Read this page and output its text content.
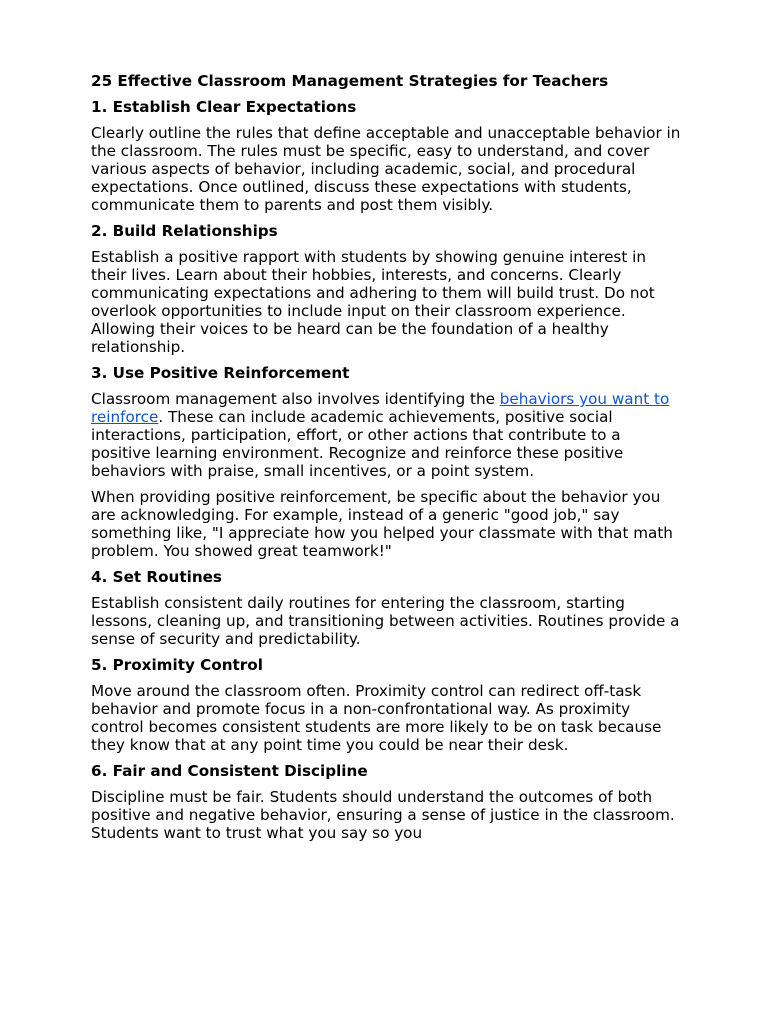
25 Effective Classroom Management Strategies for Teachers
1. Establish Clear Expectations

Clearly outline the rules that define acceptable and unacceptable behavior in the classroom. The rules must be specific, easy to understand, and cover various aspects of behavior, including academic, social, and procedural expectations. Once outlined, discuss these expectations with students, communicate them to parents and post them visibly.

2. Build Relationships

Establish a positive rapport with students by showing genuine interest in their lives. Learn about their hobbies, interests, and concerns. Clearly communicating expectations and adhering to them will build trust. Do not overlook opportunities to include input on their classroom experience. Allowing their voices to be heard can be the foundation of a healthy relationship.

3. Use Positive Reinforcement

Classroom management also involves identifying the behaviors you want to reinforce. These can include academic achievements, positive social interactions, participation, effort, or other actions that contribute to a positive learning environment. Recognize and reinforce these positive behaviors with praise, small incentives, or a point system.

When providing positive reinforcement, be specific about the behavior you are acknowledging. For example, instead of a generic "good job," say something like, "I appreciate how you helped your classmate with that math problem. You showed great teamwork!"

4. Set Routines

Establish consistent daily routines for entering the classroom, starting lessons, cleaning up, and transitioning between activities. Routines provide a sense of security and predictability.

5. Proximity Control

Move around the classroom often. Proximity control can redirect off-task behavior and promote focus in a non-confrontational way. As proximity control becomes consistent students are more likely to be on task because they know that at any point time you could be near their desk.

6. Fair and Consistent Discipline

Discipline must be fair. Students should understand the outcomes of both positive and negative behavior, ensuring a sense of justice in the classroom. Students want to trust what you say so you
